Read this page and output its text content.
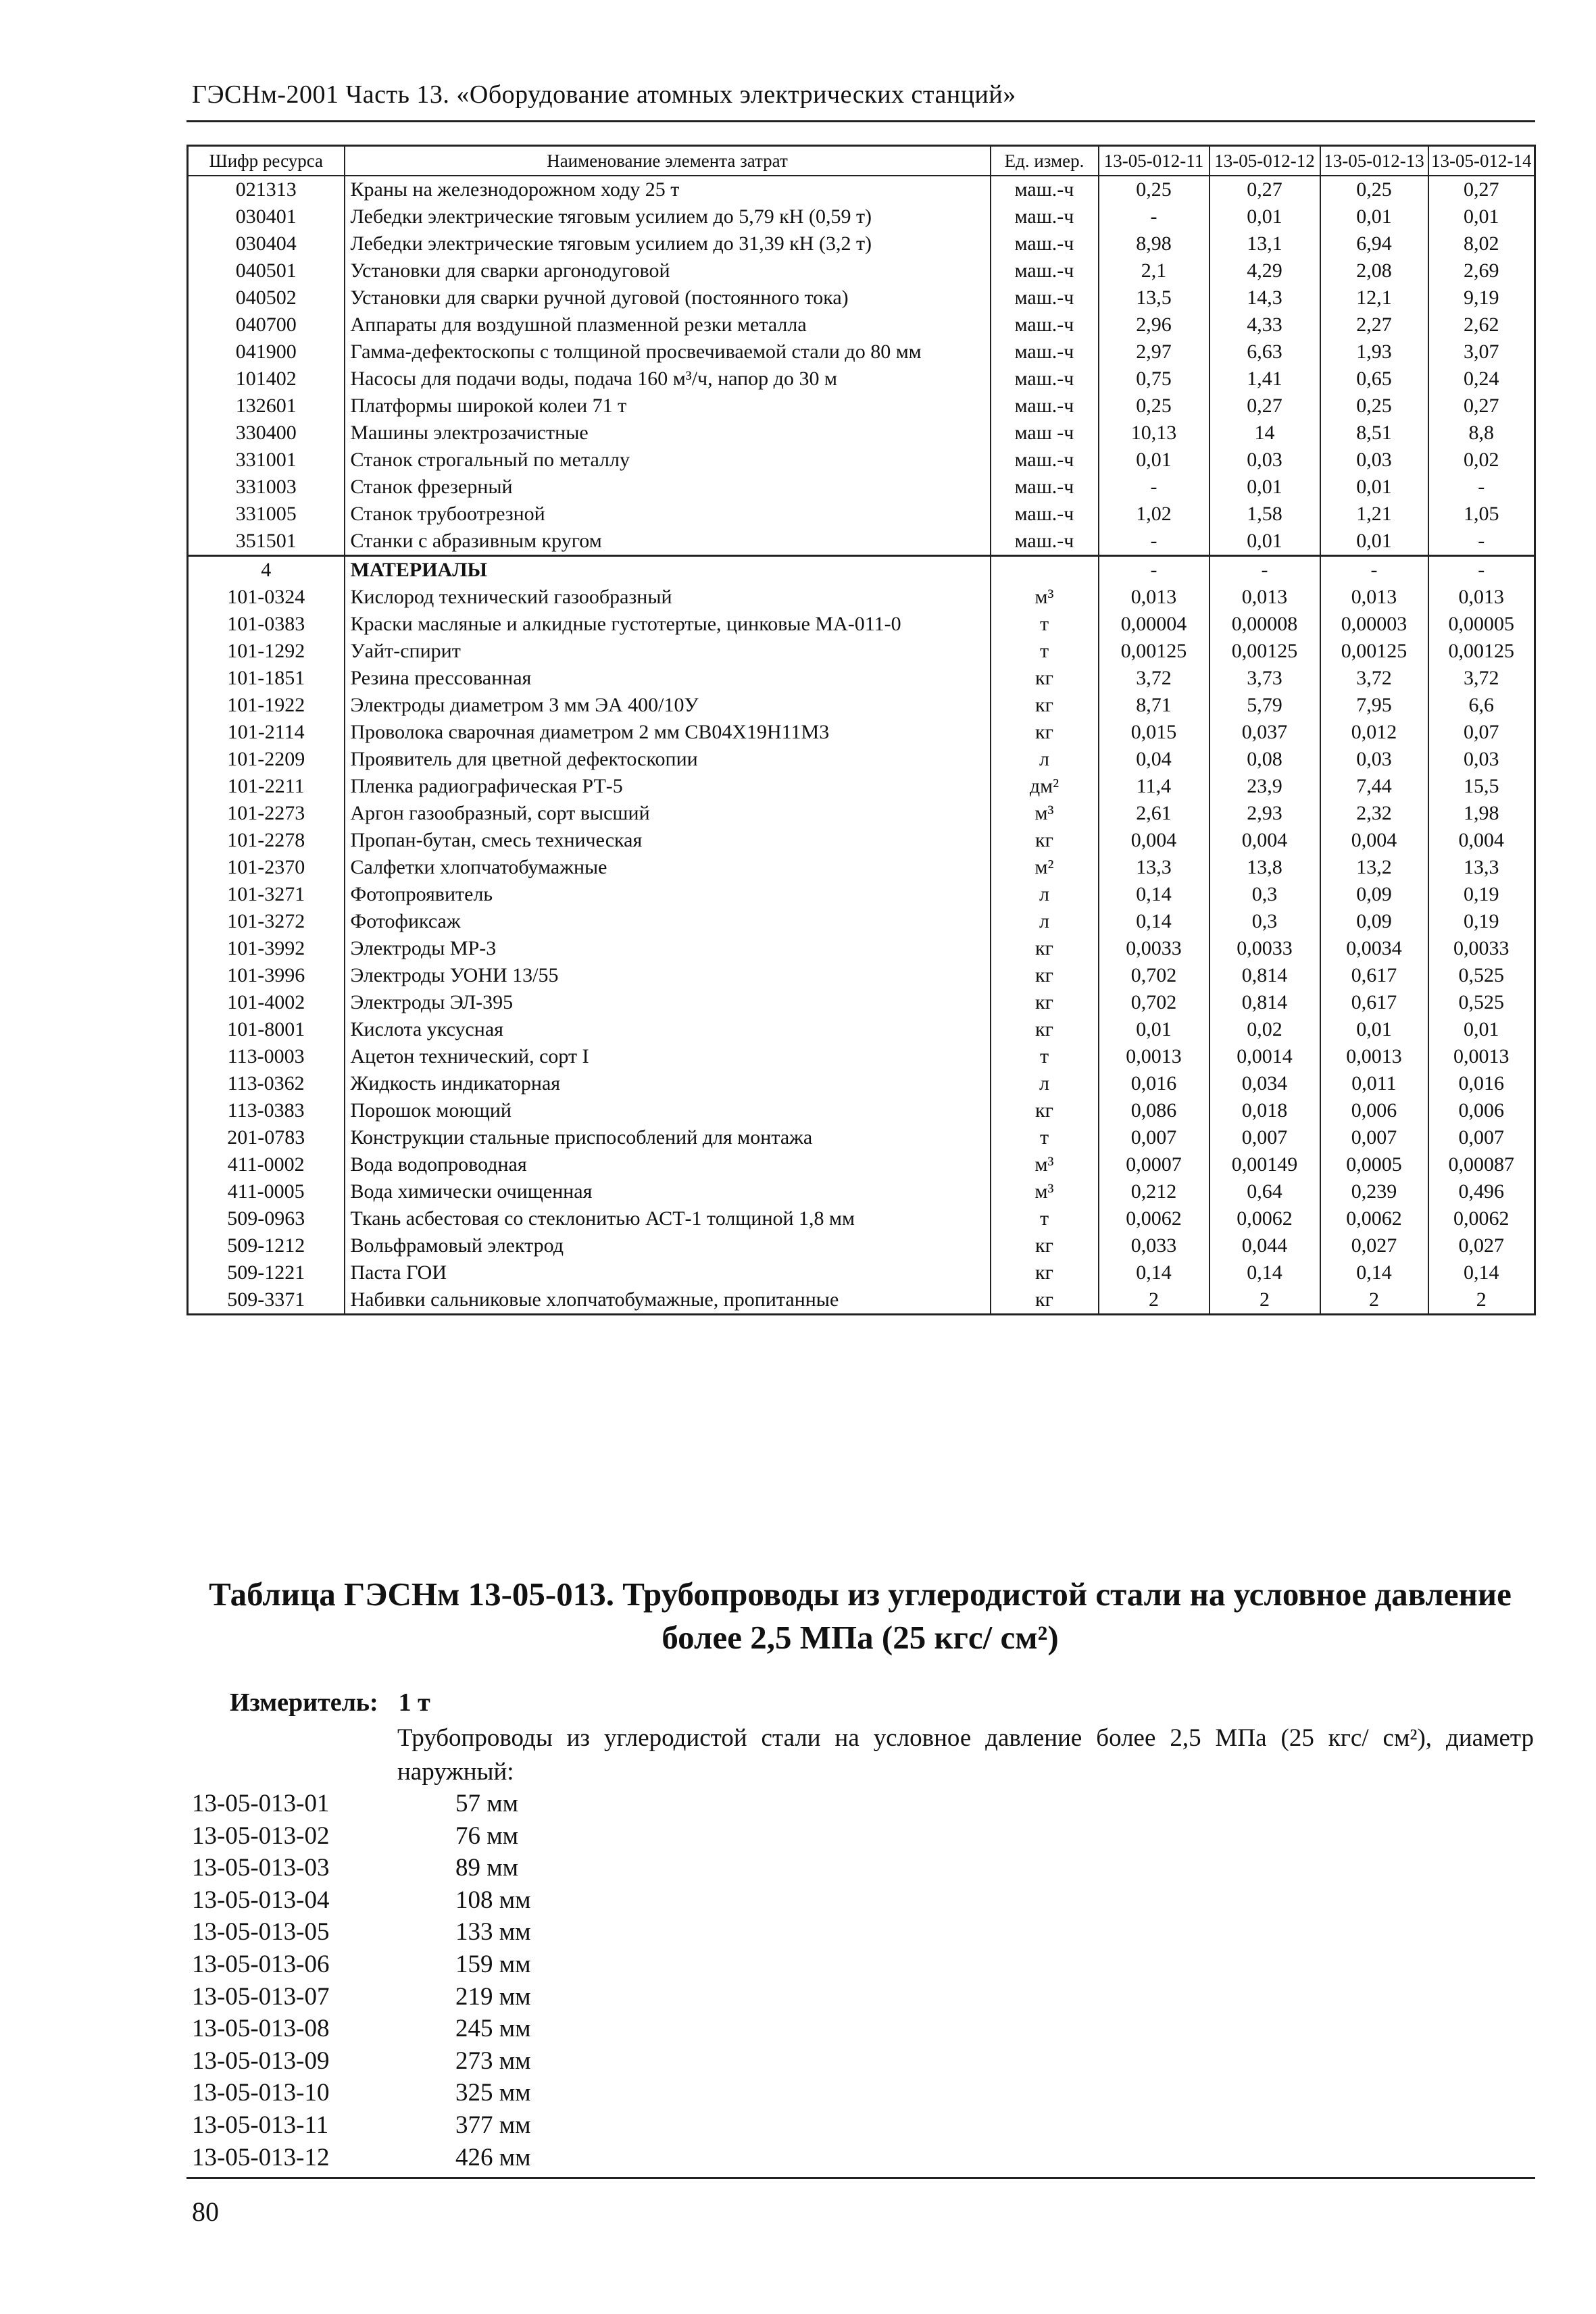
ГЭСНм-2001 Часть 13. «Оборудование атомных электрических станций»
Шифр ресурса	Наименование элемента затрат	Ед. измер.	13-05-012-11	13-05-012-12	13-05-012-13	13-05-012-14
021313	Краны на железнодорожном ходу 25 т	маш.-ч	0,25	0,27	0,25	0,27
030401	Лебедки электрические тяговым усилием до 5,79 кН (0,59 т)	маш.-ч	-	0,01	0,01	0,01
030404	Лебедки электрические тяговым усилием до 31,39 кН (3,2 т)	маш.-ч	8,98	13,1	6,94	8,02
040501	Установки для сварки аргонодуговой	маш.-ч	2,1	4,29	2,08	2,69
040502	Установки для сварки ручной дуговой (постоянного тока)	маш.-ч	13,5	14,3	12,1	9,19
040700	Аппараты для воздушной плазменной резки металла	маш.-ч	2,96	4,33	2,27	2,62
041900	Гамма-дефектоскопы с толщиной просвечиваемой стали до 80 мм	маш.-ч	2,97	6,63	1,93	3,07
101402	Насосы для подачи воды, подача 160 м³/ч, напор до 30 м	маш.-ч	0,75	1,41	0,65	0,24
132601	Платформы широкой колеи 71 т	маш.-ч	0,25	0,27	0,25	0,27
330400	Машины электрозачистные	маш -ч	10,13	14	8,51	8,8
331001	Станок строгальный по металлу	маш.-ч	0,01	0,03	0,03	0,02
331003	Станок фрезерный	маш.-ч	-	0,01	0,01	-
331005	Станок трубоотрезной	маш.-ч	1,02	1,58	1,21	1,05
351501	Станки с абразивным кругом	маш.-ч	-	0,01	0,01	-
4	МАТЕРИАЛЫ		-	-	-	-
101-0324	Кислород технический газообразный	м³	0,013	0,013	0,013	0,013
101-0383	Краски масляные и алкидные густотертые, цинковые МА-011-0	т	0,00004	0,00008	0,00003	0,00005
101-1292	Уайт-спирит	т	0,00125	0,00125	0,00125	0,00125
101-1851	Резина прессованная	кг	3,72	3,73	3,72	3,72
101-1922	Электроды диаметром 3 мм ЭА 400/10У	кг	8,71	5,79	7,95	6,6
101-2114	Проволока сварочная диаметром 2 мм СВ04Х19Н11М3	кг	0,015	0,037	0,012	0,07
101-2209	Проявитель для цветной дефектоскопии	л	0,04	0,08	0,03	0,03
101-2211	Пленка радиографическая РТ-5	дм²	11,4	23,9	7,44	15,5
101-2273	Аргон газообразный, сорт высший	м³	2,61	2,93	2,32	1,98
101-2278	Пропан-бутан, смесь техническая	кг	0,004	0,004	0,004	0,004
101-2370	Салфетки хлопчатобумажные	м²	13,3	13,8	13,2	13,3
101-3271	Фотопроявитель	л	0,14	0,3	0,09	0,19
101-3272	Фотофиксаж	л	0,14	0,3	0,09	0,19
101-3992	Электроды МР-3	кг	0,0033	0,0033	0,0034	0,0033
101-3996	Электроды УОНИ 13/55	кг	0,702	0,814	0,617	0,525
101-4002	Электроды ЭЛ-395	кг	0,702	0,814	0,617	0,525
101-8001	Кислота уксусная	кг	0,01	0,02	0,01	0,01
113-0003	Ацетон технический, сорт I	т	0,0013	0,0014	0,0013	0,0013
113-0362	Жидкость индикаторная	л	0,016	0,034	0,011	0,016
113-0383	Порошок моющий	кг	0,086	0,018	0,006	0,006
201-0783	Конструкции стальные приспособлений для монтажа	т	0,007	0,007	0,007	0,007
411-0002	Вода водопроводная	м³	0,0007	0,00149	0,0005	0,00087
411-0005	Вода химически очищенная	м³	0,212	0,64	0,239	0,496
509-0963	Ткань асбестовая со стеклонитью АСТ-1 толщиной 1,8 мм	т	0,0062	0,0062	0,0062	0,0062
509-1212	Вольфрамовый электрод	кг	0,033	0,044	0,027	0,027
509-1221	Паста ГОИ	кг	0,14	0,14	0,14	0,14
509-3371	Набивки сальниковые хлопчатобумажные, пропитанные	кг	2	2	2	2
Таблица ГЭСНм 13-05-013. Трубопроводы из углеродистой стали на условное давление более 2,5 МПа (25 кгс/ см²)
Измеритель: 1 т
Трубопроводы из углеродистой стали на условное давление более 2,5 МПа (25 кгс/ см²), диаметр наружный:
13-05-013-01	57 мм
13-05-013-02	76 мм
13-05-013-03	89 мм
13-05-013-04	108 мм
13-05-013-05	133 мм
13-05-013-06	159 мм
13-05-013-07	219 мм
13-05-013-08	245 мм
13-05-013-09	273 мм
13-05-013-10	325 мм
13-05-013-11	377 мм
13-05-013-12	426 мм
80
